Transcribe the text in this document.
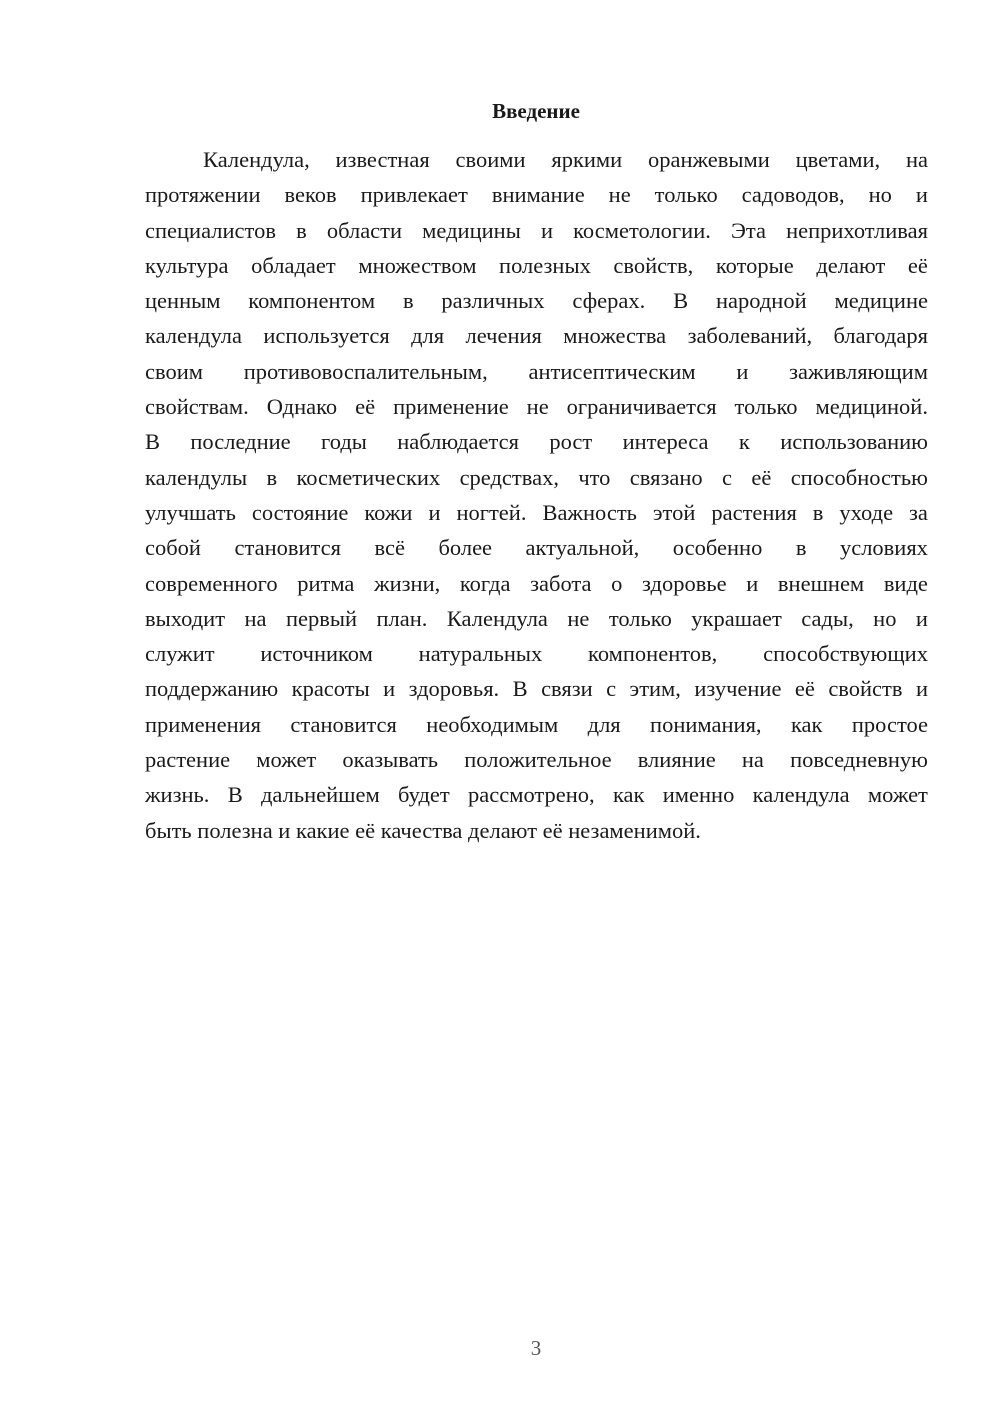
Введение

Календула, известная своими яркими оранжевыми цветами, на
протяжении веков привлекает внимание не только садоводов, но и
специалистов в области медицины и косметологии. Эта неприхотливая
культура обладает множеством полезных свойств, которые делают её
ценным компонентом в различных сферах. В народной медицине
календула используется для лечения множества заболеваний, благодаря
своим противовоспалительным, антисептическим и заживляющим
свойствам. Однако её применение не ограничивается только медициной.
В последние годы наблюдается рост интереса к использованию
календулы в косметических средствах, что связано с её способностью
улучшать состояние кожи и ногтей. Важность этой растения в уходе за
собой становится всё более актуальной, особенно в условиях
современного ритма жизни, когда забота о здоровье и внешнем виде
выходит на первый план. Календула не только украшает сады, но и
служит источником натуральных компонентов, способствующих
поддержанию красоты и здоровья. В связи с этим, изучение её свойств и
применения становится необходимым для понимания, как простое
растение может оказывать положительное влияние на повседневную
жизнь. В дальнейшем будет рассмотрено, как именно календула может
быть полезна и какие её качества делают её незаменимой.

3
